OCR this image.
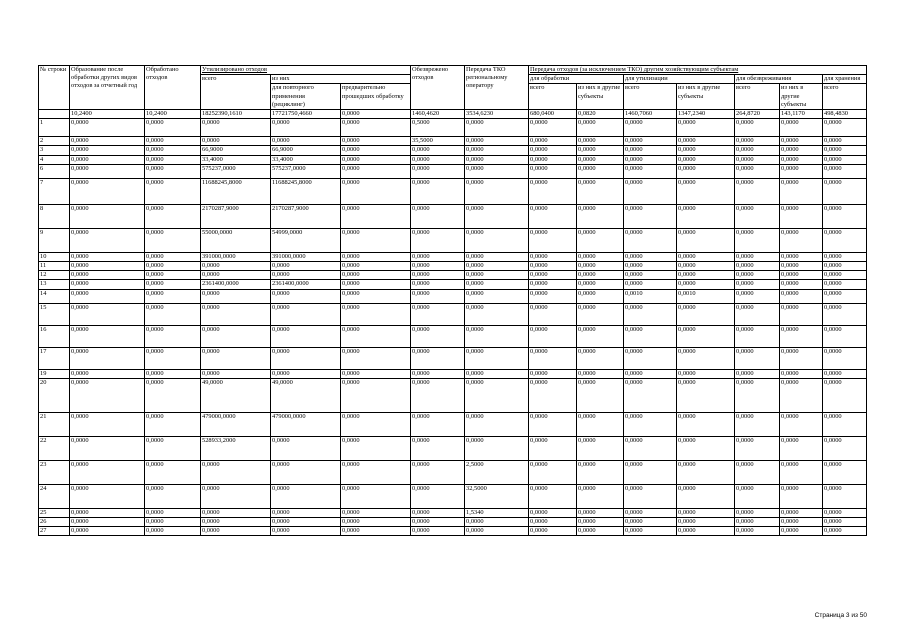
№ строки	Образование после обработки других видов отходов за отчетный год	Обработано отходов	Утилизировано отходов			Обезврежено отходов	Передача ТКО региональному оператору	Передача отходов (за исключением ТКО) другим хозяйствующим субъектам						
			всего	из них				для обработки		для утилизации		для обезвреживания		для хранения
				для повторного применения (рециклинг)	предварительно прошедших обработку			всего	из них в другие субъекты	всего	из них в другие субъекты	всего	из них в другие субъекты	всего

	10,2400	10,2400	18252390,1610	17721750,4660	0,0000	1460,4620	3534,6230	680,0400	0,0820	1460,7060	1347,2340	264,8720	143,1170	498,4830
1	0,0000	0,0000	0,0000	0,0000	0,0000	0,5000	0,0000	0,0000	0,0000	0,0000	0,0000	0,0000	0,0000	0,0000
2	0,0000	0,0000	0,0000	0,0000	0,0000	35,5000	0,0000	0,0000	0,0000	0,0000	0,0000	0,0000	0,0000	0,0000
3	0,0000	0,0000	66,9000	66,9000	0,0000	0,0000	0,0000	0,0000	0,0000	0,0000	0,0000	0,0000	0,0000	0,0000
4	0,0000	0,0000	33,4000	33,4000	0,0000	0,0000	0,0000	0,0000	0,0000	0,0000	0,0000	0,0000	0,0000	0,0000
6	0,0000	0,0000	575237,0000	575237,0000	0,0000	0,0000	0,0000	0,0000	0,0000	0,0000	0,0000	0,0000	0,0000	0,0000
7	0,0000	0,0000	11688245,8000	11688245,8000	0,0000	0,0000	0,0000	0,0000	0,0000	0,0000	0,0000	0,0000	0,0000	0,0000
8	0,0000	0,0000	2170287,9000	2170287,9000	0,0000	0,0000	0,0000	0,0000	0,0000	0,0000	0,0000	0,0000	0,0000	0,0000
9	0,0000	0,0000	55000,0000	54999,0000	0,0000	0,0000	0,0000	0,0000	0,0000	0,0000	0,0000	0,0000	0,0000	0,0000
10	0,0000	0,0000	391000,0000	391000,0000	0,0000	0,0000	0,0000	0,0000	0,0000	0,0000	0,0000	0,0000	0,0000	0,0000
11	0,0000	0,0000	0,0000	0,0000	0,0000	0,0000	0,0000	0,0000	0,0000	0,0000	0,0000	0,0000	0,0000	0,0000
12	0,0000	0,0000	0,0000	0,0000	0,0000	0,0000	0,0000	0,0000	0,0000	0,0000	0,0000	0,0000	0,0000	0,0000
13	0,0000	0,0000	2361400,0000	2361400,0000	0,0000	0,0000	0,0000	0,0000	0,0000	0,0000	0,0000	0,0000	0,0000	0,0000
14	0,0000	0,0000	0,0000	0,0000	0,0000	0,0000	0,0000	0,0000	0,0000	0,0010	0,0010	0,0000	0,0000	0,0000
15	0,0000	0,0000	0,0000	0,0000	0,0000	0,0000	0,0000	0,0000	0,0000	0,0000	0,0000	0,0000	0,0000	0,0000
16	0,0000	0,0000	0,0000	0,0000	0,0000	0,0000	0,0000	0,0000	0,0000	0,0000	0,0000	0,0000	0,0000	0,0000
17	0,0000	0,0000	0,0000	0,0000	0,0000	0,0000	0,0000	0,0000	0,0000	0,0000	0,0000	0,0000	0,0000	0,0000
19	0,0000	0,0000	0,0000	0,0000	0,0000	0,0000	0,0000	0,0000	0,0000	0,0000	0,0000	0,0000	0,0000	0,0000
20	0,0000	0,0000	49,0000	49,0000	0,0000	0,0000	0,0000	0,0000	0,0000	0,0000	0,0000	0,0000	0,0000	0,0000
21	0,0000	0,0000	479000,0000	479000,0000	0,0000	0,0000	0,0000	0,0000	0,0000	0,0000	0,0000	0,0000	0,0000	0,0000
22	0,0000	0,0000	528933,2000	0,0000	0,0000	0,0000	0,0000	0,0000	0,0000	0,0000	0,0000	0,0000	0,0000	0,0000
23	0,0000	0,0000	0,0000	0,0000	0,0000	0,0000	2,5000	0,0000	0,0000	0,0000	0,0000	0,0000	0,0000	0,0000
24	0,0000	0,0000	0,0000	0,0000	0,0000	0,0000	32,5000	0,0000	0,0000	0,0000	0,0000	0,0000	0,0000	0,0000
25	0,0000	0,0000	0,0000	0,0000	0,0000	0,0000	1,5340	0,0000	0,0000	0,0000	0,0000	0,0000	0,0000	0,0000
26	0,0000	0,0000	0,0000	0,0000	0,0000	0,0000	0,0000	0,0000	0,0000	0,0000	0,0000	0,0000	0,0000	0,0000
27	0,0000	0,0000	0,0000	0,0000	0,0000	0,0000	0,0000	0,0000	0,0000	0,0000	0,0000	0,0000	0,0000	0,0000
Страница 3 из 50
